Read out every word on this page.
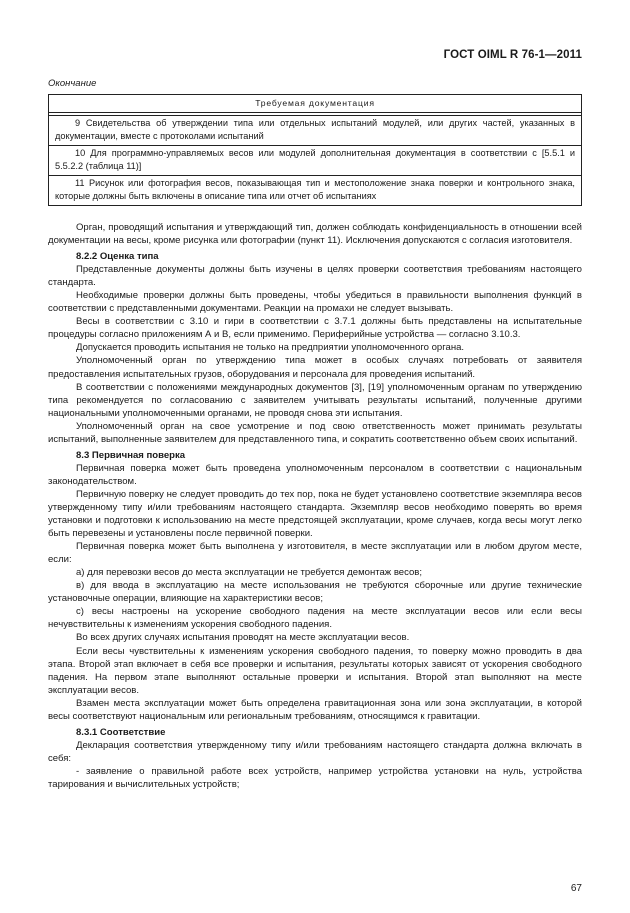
ГОСТ OIML R 76-1—2011
Окончание
Требуемая документация

9 Свидетельства об утверждении типа или отдельных испытаний модулей, или других частей, указанных в документации, вместе с протоколами испытаний
10 Для программно-управляемых весов или модулей дополнительная документация в соответствии с [5.5.1 и 5.5.2.2 (таблица 11)]
11 Рисунок или фотография весов, показывающая тип и местоположение знака поверки и контрольного знака, которые должны быть включены в описание типа или отчет об испытаниях

Орган, проводящий испытания и утверждающий тип, должен соблюдать конфиденциальность в отношении всей документации на весы, кроме рисунка или фотографии (пункт 11). Исключения допускаются с согласия изготовителя.

8.2.2 Оценка типа

Представленные документы должны быть изучены в целях проверки соответствия требованиям настоящего стандарта.

Необходимые проверки должны быть проведены, чтобы убедиться в правильности выполнения функций в соответствии с представленными документами. Реакции на промахи не следует вызывать.

Весы в соответствии с 3.10 и гири в соответствии с 3.7.1 должны быть представлены на испытательные процедуры согласно приложениям А и В, если применимо. Периферийные устройства — согласно 3.10.3.

Допускается проводить испытания не только на предприятии уполномоченного органа.

Уполномоченный орган по утверждению типа может в особых случаях потребовать от заявителя предоставления испытательных грузов, оборудования и персонала для проведения испытаний.

В соответствии с положениями международных документов [3], [19] уполномоченным органам по утверждению типа рекомендуется по согласованию с заявителем учитывать результаты испытаний, полученные другими национальными уполномоченными органами, не проводя снова эти испытания.

Уполномоченный орган на свое усмотрение и под свою ответственность может принимать результаты испытаний, выполненные заявителем для представленного типа, и сократить соответственно объем своих испытаний.

8.3 Первичная поверка

Первичная поверка может быть проведена уполномоченным персоналом в соответствии с национальным законодательством.

Первичную поверку не следует проводить до тех пор, пока не будет установлено соответствие экземпляра весов утвержденному типу и/или требованиям настоящего стандарта. Экземпляр весов необходимо поверять во время установки и подготовки к использованию на месте предстоящей эксплуатации, кроме случаев, когда весы могут легко быть перевезены и установлены после первичной поверки.

Первичная поверка может быть выполнена у изготовителя, в месте эксплуатации или в любом другом месте, если:

а) для перевозки весов до места эксплуатации не требуется демонтаж весов;

в) для ввода в эксплуатацию на месте использования не требуются сборочные или другие технические установочные операции, влияющие на характеристики весов;

с) весы настроены на ускорение свободного падения на месте эксплуатации весов или если весы нечувствительны к изменениям ускорения свободного падения.

Во всех других случаях испытания проводят на месте эксплуатации весов.

Если весы чувствительны к изменениям ускорения свободного падения, то поверку можно проводить в два этапа. Второй этап включает в себя все проверки и испытания, результаты которых зависят от ускорения свободного падения. На первом этапе выполняют остальные проверки и испытания. Второй этап выполняют на месте эксплуатации весов.

Взамен места эксплуатации может быть определена гравитационная зона или зона эксплуатации, в которой весы соответствуют национальным или региональным требованиям, относящимся к гравитации.

8.3.1 Соответствие

Декларация соответствия утвержденному типу и/или требованиям настоящего стандарта должна включать в себя:

- заявление о правильной работе всех устройств, например устройства установки на нуль, устройства тарирования и вычислительных устройств;

67
